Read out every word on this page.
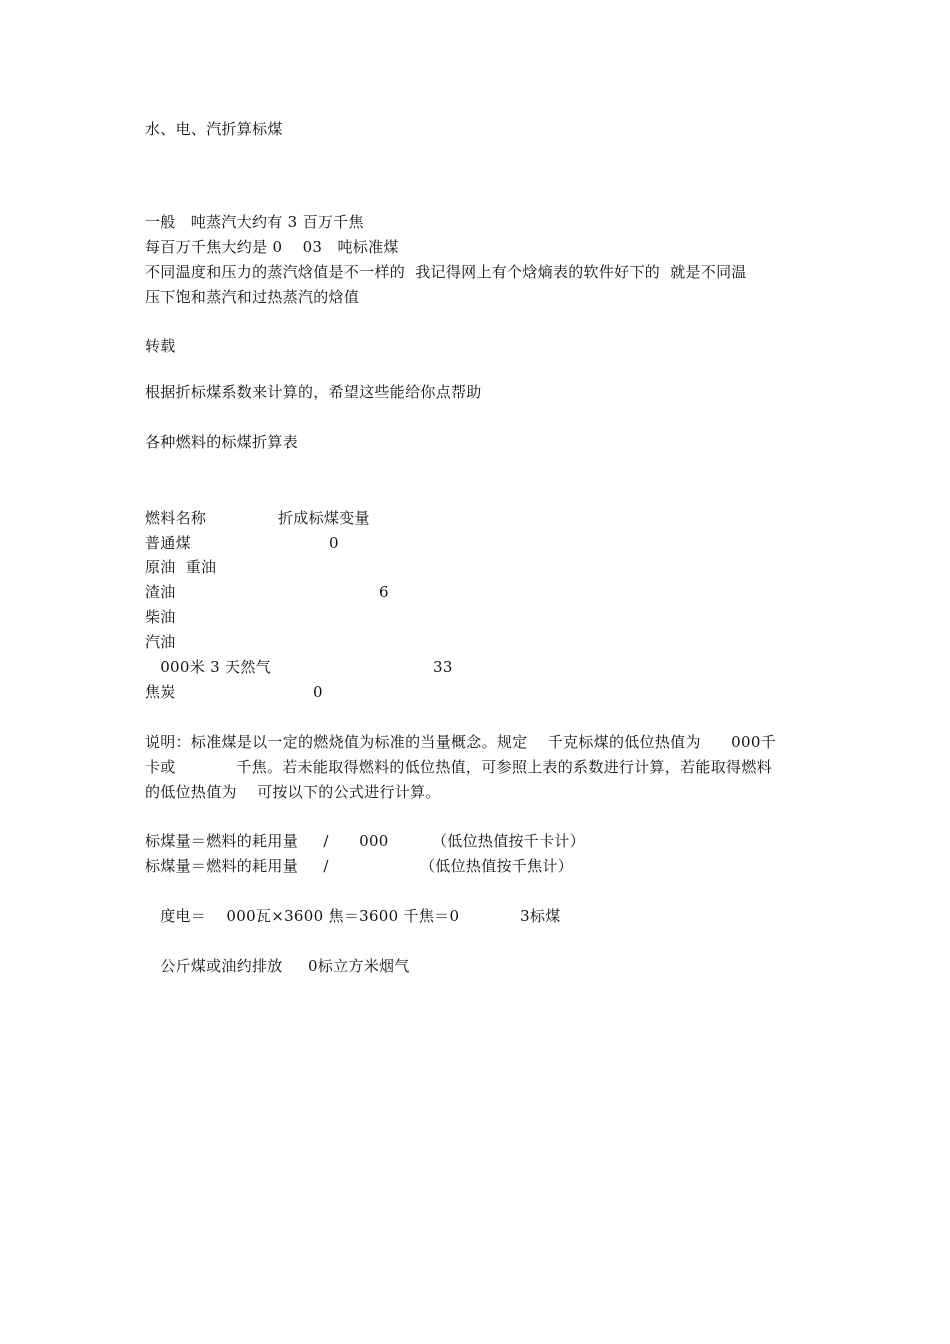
水、电、汽折算标煤
一般   吨蒸汽大约有 3 百万千焦
每百万千焦大约是 0    03   吨标准煤
不同温度和压力的蒸汽焓值是不一样的  我记得网上有个焓熵表的软件好下的  就是不同温
压下饱和蒸汽和过热蒸汽的焓值
转载
根据折标煤系数来计算的，希望这些能给你点帮助
各种燃料的标煤折算表
燃料名称	折成标煤变量
普通煤	0
原油  重油
渣油	6
柴油
汽油
000米 3 天然气	33
焦炭	0
说明：标准煤是以一定的燃烧值为标准的当量概念。规定    千克标煤的低位热值为      000千
卡或            千焦。若未能取得燃料的低位热值，可参照上表的系数进行计算，若能取得燃料
的低位热值为    可按以下的公式进行计算。
标煤量＝燃料的耗用量     /      000	（低位热值按千卡计）
标煤量＝燃料的耗用量     /	（低位热值按千焦计）
度电＝    000瓦×3600 焦＝3600 千焦＝0            3标煤
公斤煤或油约排放     0标立方米烟气
